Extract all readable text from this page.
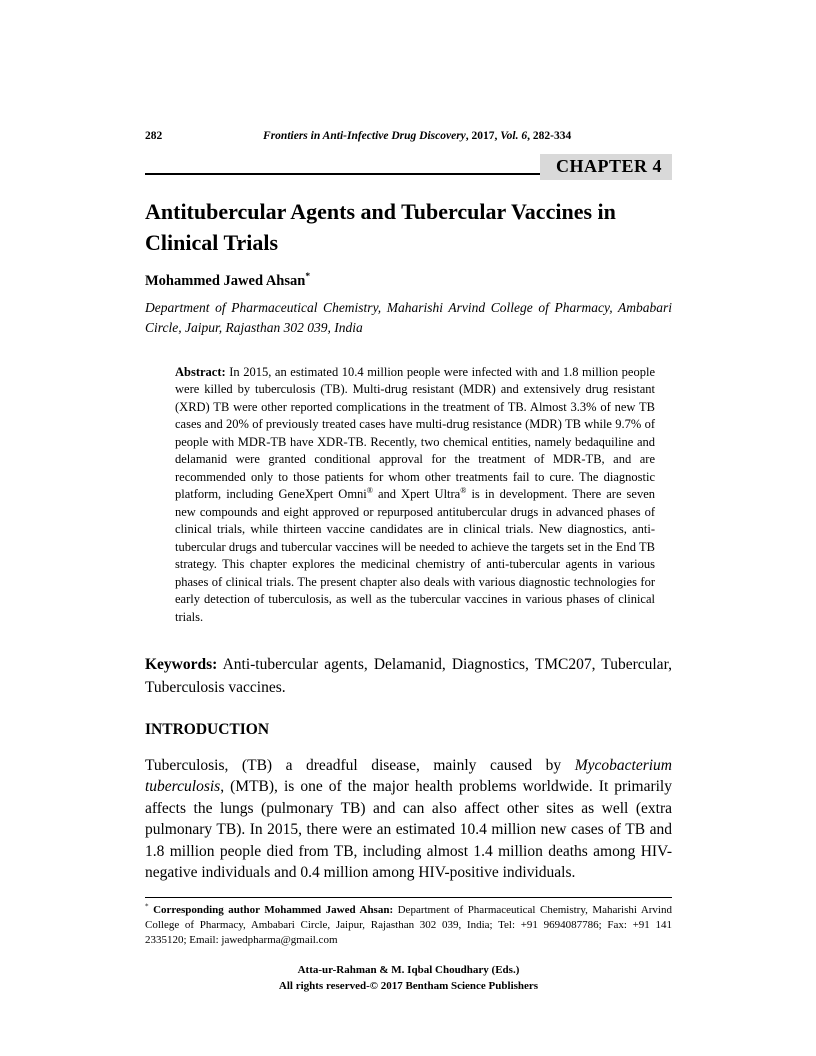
282	Frontiers in Anti-Infective Drug Discovery, 2017, Vol. 6, 282-334
CHAPTER 4
Antitubercular Agents and Tubercular Vaccines in Clinical Trials
Mohammed Jawed Ahsan*
Department of Pharmaceutical Chemistry, Maharishi Arvind College of Pharmacy, Ambabari Circle, Jaipur, Rajasthan 302 039, India
Abstract: In 2015, an estimated 10.4 million people were infected with and 1.8 million people were killed by tuberculosis (TB). Multi-drug resistant (MDR) and extensively drug resistant (XRD) TB were other reported complications in the treatment of TB. Almost 3.3% of new TB cases and 20% of previously treated cases have multi-drug resistance (MDR) TB while 9.7% of people with MDR-TB have XDR-TB. Recently, two chemical entities, namely bedaquiline and delamanid were granted conditional approval for the treatment of MDR-TB, and are recommended only to those patients for whom other treatments fail to cure. The diagnostic platform, including GeneXpert Omni® and Xpert Ultra® is in development. There are seven new compounds and eight approved or repurposed antitubercular drugs in advanced phases of clinical trials, while thirteen vaccine candidates are in clinical trials. New diagnostics, anti-tubercular drugs and tubercular vaccines will be needed to achieve the targets set in the End TB strategy. This chapter explores the medicinal chemistry of anti-tubercular agents in various phases of clinical trials. The present chapter also deals with various diagnostic technologies for early detection of tuberculosis, as well as the tubercular vaccines in various phases of clinical trials.

Keywords: Anti-tubercular agents, Delamanid, Diagnostics, TMC207, Tubercular, Tuberculosis vaccines.

INTRODUCTION

Tuberculosis, (TB) a dreadful disease, mainly caused by Mycobacterium tuberculosis, (MTB), is one of the major health problems worldwide. It primarily affects the lungs (pulmonary TB) and can also affect other sites as well (extra pulmonary TB). In 2015, there were an estimated 10.4 million new cases of TB and 1.8 million people died from TB, including almost 1.4 million deaths among HIV-negative individuals and 0.4 million among HIV-positive individuals.

* Corresponding author Mohammed Jawed Ahsan: Department of Pharmaceutical Chemistry, Maharishi Arvind College of Pharmacy, Ambabari Circle, Jaipur, Rajasthan 302 039, India; Tel: +91 9694087786; Fax: +91 141 2335120; Email: jawedpharma@gmail.com

Atta-ur-Rahman & M. Iqbal Choudhary (Eds.)
All rights reserved-© 2017 Bentham Science Publishers
